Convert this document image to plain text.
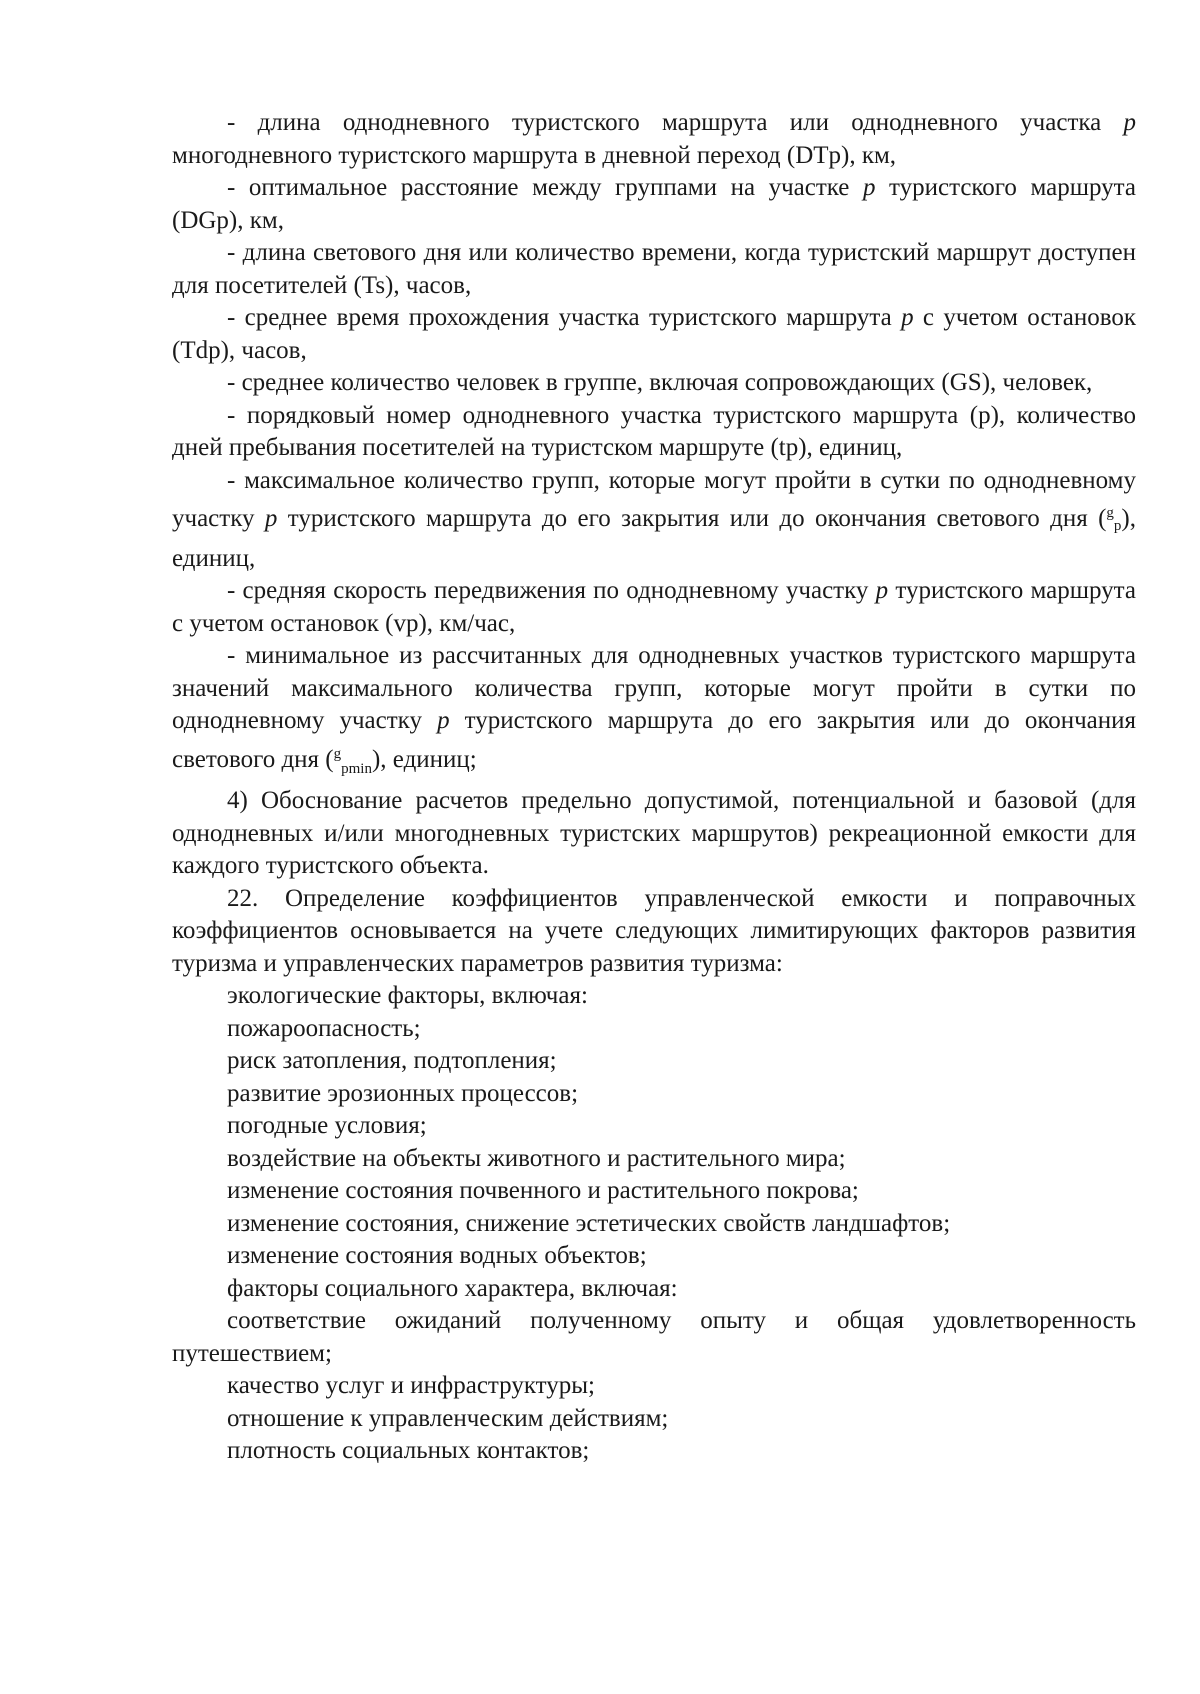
- длина однодневного туристского маршрута или однодневного участка p многодневного туристского маршрута в дневной переход (DTp), км,

- оптимальное расстояние между группами на участке p туристского маршрута (DGp), км,

- длина светового дня или количество времени, когда туристский маршрут доступен для посетителей (Ts), часов,

- среднее время прохождения участка туристского маршрута p с учетом остановок (Tdp), часов,

- среднее количество человек в группе, включая сопровождающих (GS), человек,

- порядковый номер однодневного участка туристского маршрута (p), количество дней пребывания посетителей на туристском маршруте (tp), единиц,

- максимальное количество групп, которые могут пройти в сутки по однодневному участку p туристского маршрута до его закрытия или до окончания светового дня ($^g_p$), единиц,

- средняя скорость передвижения по однодневному участку p туристского маршрута с учетом остановок (vp), км/час,

- минимальное из рассчитанных для однодневных участков туристского маршрута значений максимального количества групп, которые могут пройти в сутки по однодневному участку p туристского маршрута до его закрытия или до окончания светового дня ($^g_{pmin}$), единиц;

4) Обоснование расчетов предельно допустимой, потенциальной и базовой (для однодневных и/или многодневных туристских маршрутов) рекреационной емкости для каждого туристского объекта.

22. Определение коэффициентов управленческой емкости и поправочных коэффициентов основывается на учете следующих лимитирующих факторов развития туризма и управленческих параметров развития туризма:

экологические факторы, включая:

пожароопасность;

риск затопления, подтопления;

развитие эрозионных процессов;

погодные условия;

воздействие на объекты животного и растительного мира;

изменение состояния почвенного и растительного покрова;

изменение состояния, снижение эстетических свойств ландшафтов;

изменение состояния водных объектов;

факторы социального характера, включая:

соответствие ожиданий полученному опыту и общая удовлетворенность путешествием;

качество услуг и инфраструктуры;

отношение к управленческим действиям;

плотность социальных контактов;
